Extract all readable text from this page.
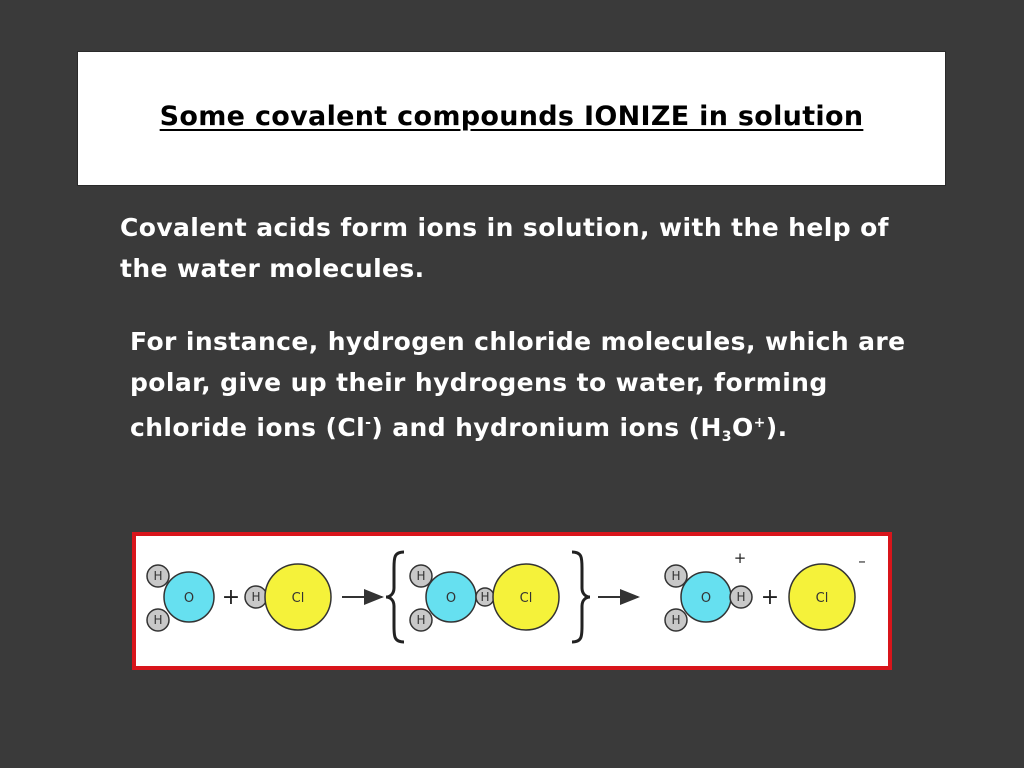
Some covalent compounds IONIZE in solution
Covalent acids form ions in solution, with the help of the water molecules.
For instance, hydrogen chloride molecules, which are polar, give up their hydrogens to water, forming chloride ions (Cl-) and hydronium ions $(H_3O^+)$.
H
H
O + H Cl
H
H
O H Cl
H
H
O H
+
+	Cl
–
